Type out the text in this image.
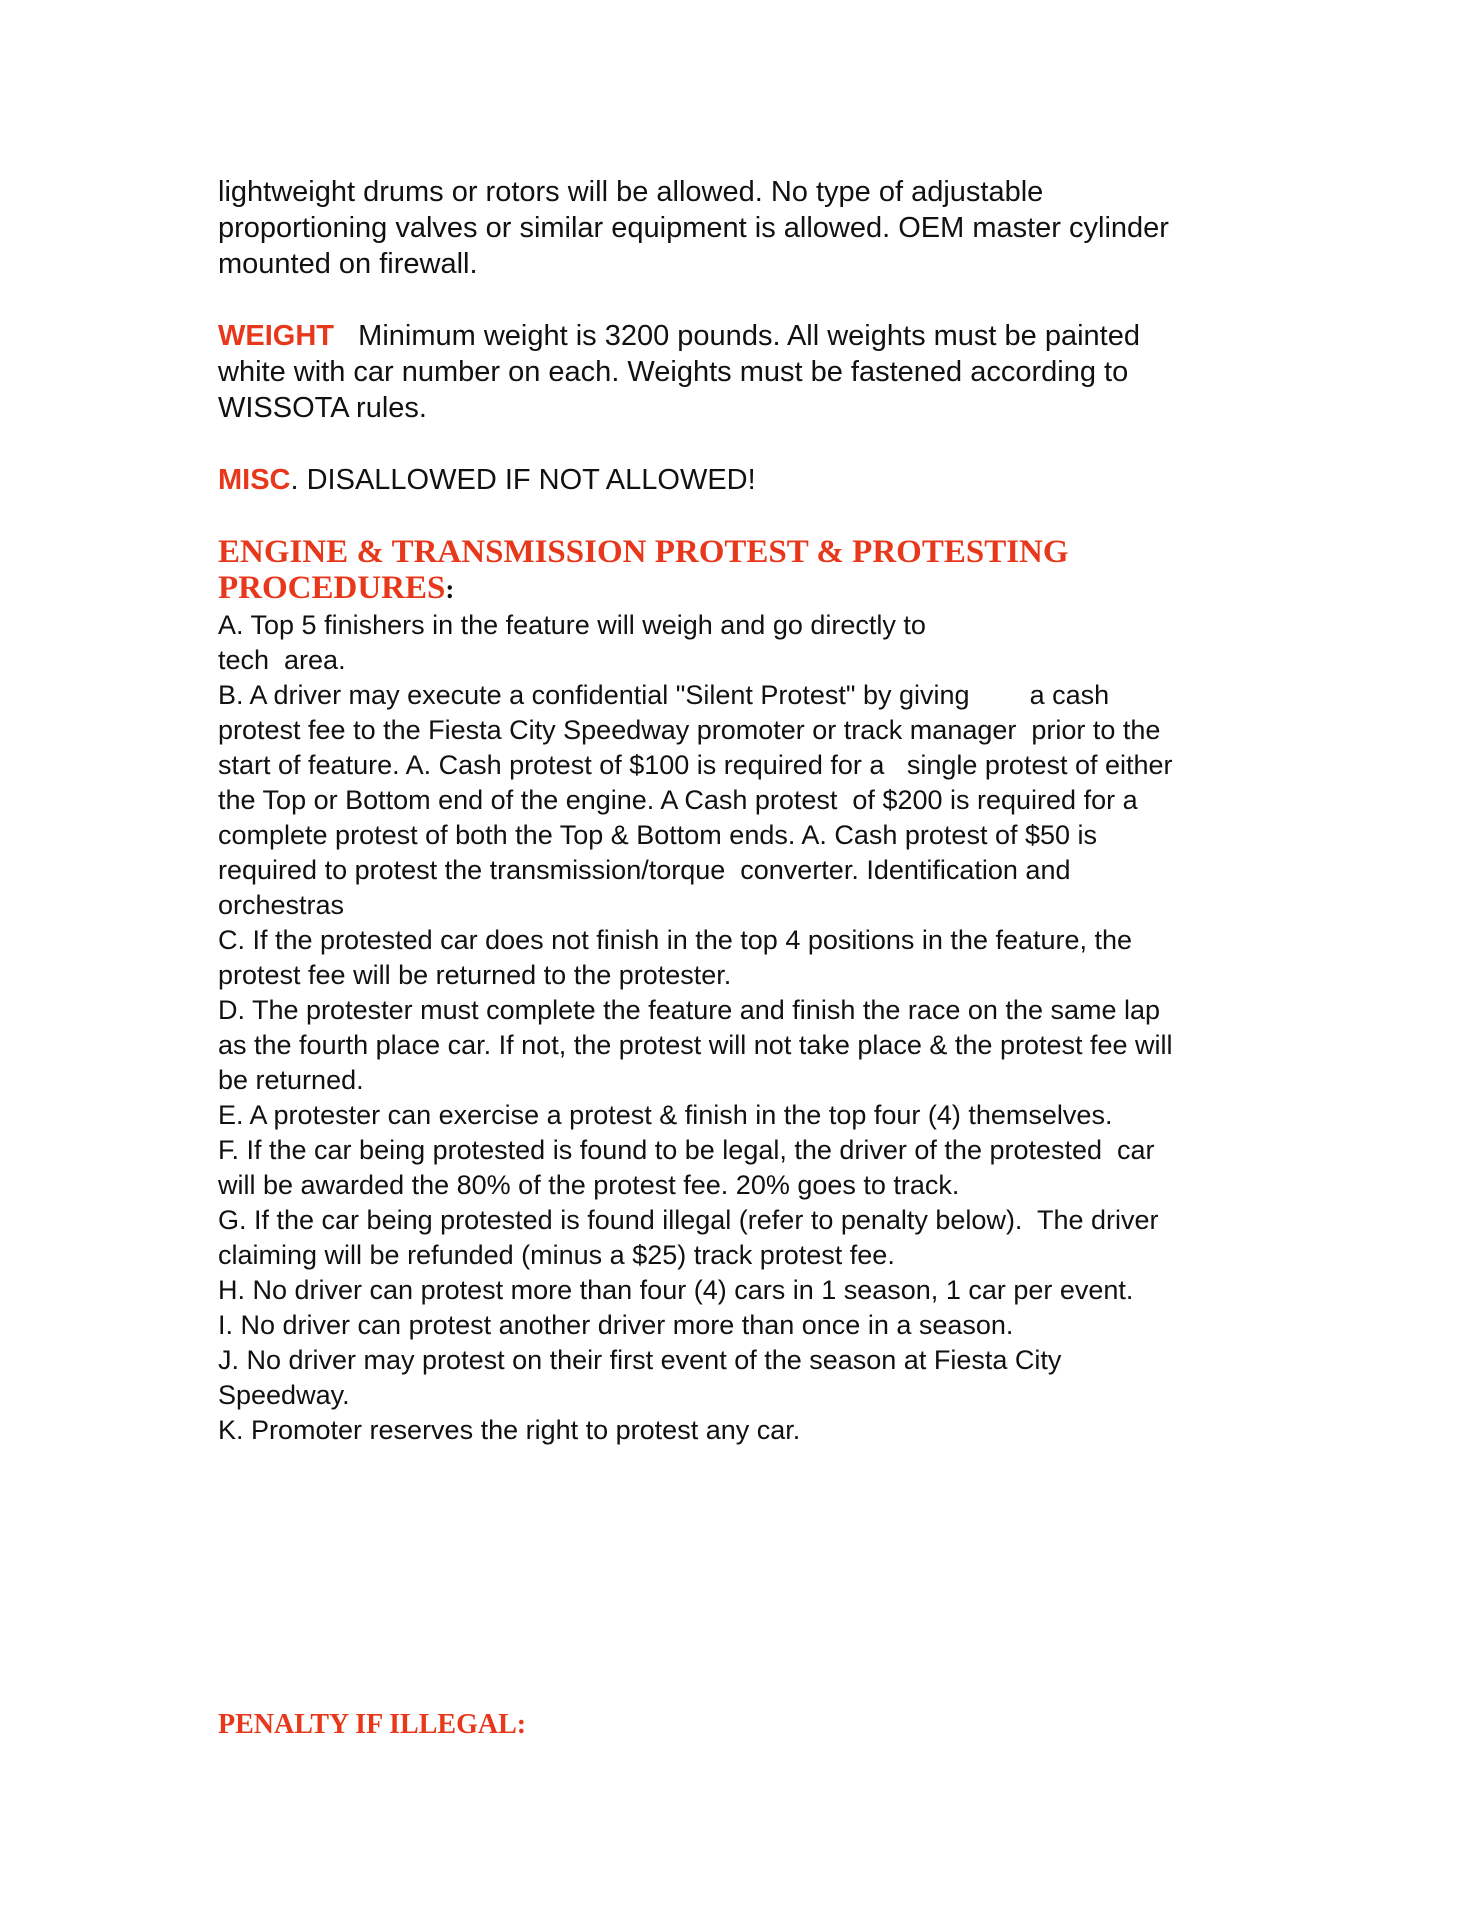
lightweight drums or rotors will be allowed. No type of adjustable
proportioning valves or similar equipment is allowed. OEM master cylinder
mounted on firewall.
WEIGHT   Minimum weight is 3200 pounds. All weights must be painted
white with car number on each. Weights must be fastened according to
WISSOTA rules.
MISC. DISALLOWED IF NOT ALLOWED!
ENGINE & TRANSMISSION PROTEST & PROTESTING
PROCEDURES:
A. Top 5 finishers in the feature will weigh and go directly to
tech  area.
B. A driver may execute a confidential "Silent Protest" by giving        a cash
protest fee to the Fiesta City Speedway promoter or track manager  prior to the
start of feature. A. Cash protest of $100 is required for a   single protest of either
the Top or Bottom end of the engine. A Cash protest  of $200 is required for a
complete protest of both the Top & Bottom ends. A. Cash protest of $50 is
required to protest the transmission/torque  converter. Identification and
orchestras
C. If the protested car does not finish in the top 4 positions in the feature, the
protest fee will be returned to the protester.
D. The protester must complete the feature and finish the race on the same lap
as the fourth place car. If not, the protest will not take place & the protest fee will
be returned.
E. A protester can exercise a protest & finish in the top four (4) themselves.
F. If the car being protested is found to be legal, the driver of the protested  car
will be awarded the 80% of the protest fee. 20% goes to track.
G. If the car being protested is found illegal (refer to penalty below).  The driver
claiming will be refunded (minus a $25) track protest fee.
H. No driver can protest more than four (4) cars in 1 season, 1 car per event.
I. No driver can protest another driver more than once in a season.
J. No driver may protest on their first event of the season at Fiesta City
Speedway.
K. Promoter reserves the right to protest any car.
PENALTY IF ILLEGAL:
